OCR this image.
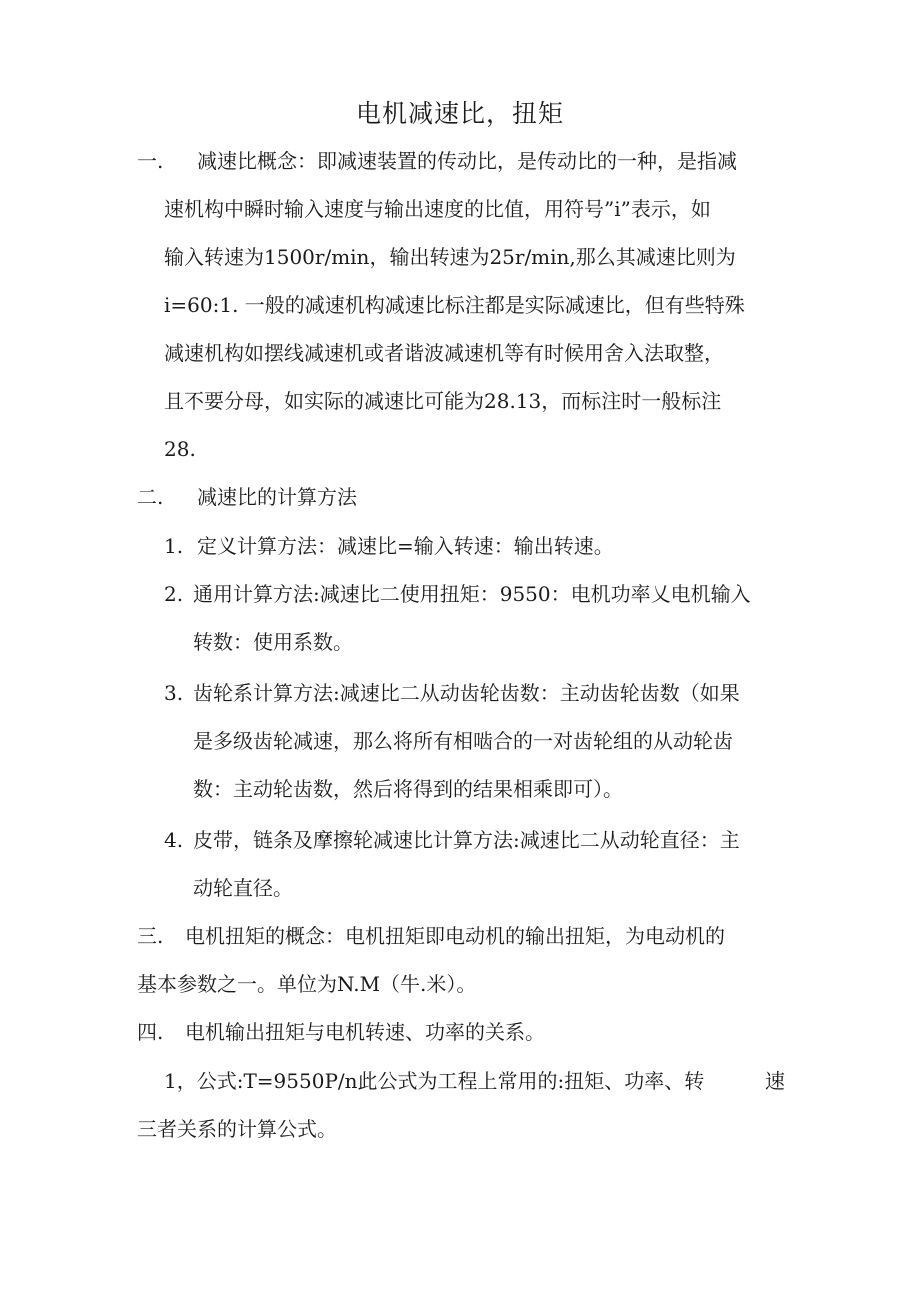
电机减速比，扭矩
一. 减速比概念：即减速装置的传动比，是传动比的一种，是指减
速机构中瞬时输入速度与输出速度的比值，用符号”i”表示，如
输入转速为1500r/min，输出转速为25r/min,那么其减速比则为
i=60:1. 一般的减速机构减速比标注都是实际减速比，但有些特殊
减速机构如摆线减速机或者谐波减速机等有时候用舍入法取整，
且不要分母，如实际的减速比可能为28.13，而标注时一般标注
28.
二. 减速比的计算方法
1. 定义计算方法：减速比=输入转速：输出转速。
2. 通用计算方法:减速比二使用扭矩：9550：电机功率乂电机输入
转数：使用系数。
3. 齿轮系计算方法:减速比二从动齿轮齿数：主动齿轮齿数（如果
是多级齿轮减速，那么将所有相啮合的一对齿轮组的从动轮齿
数：主动轮齿数，然后将得到的结果相乘即可）。
4. 皮带，链条及摩擦轮减速比计算方法:减速比二从动轮直径：主
动轮直径。
三. 电机扭矩的概念：电机扭矩即电动机的输出扭矩，为电动机的
基本参数之一。单位为N.M（牛.米）。
四. 电机输出扭矩与电机转速、功率的关系。
1，公式:T=9550P/n此公式为工程上常用的:扭矩、功率、转	速
三者关系的计算公式。
